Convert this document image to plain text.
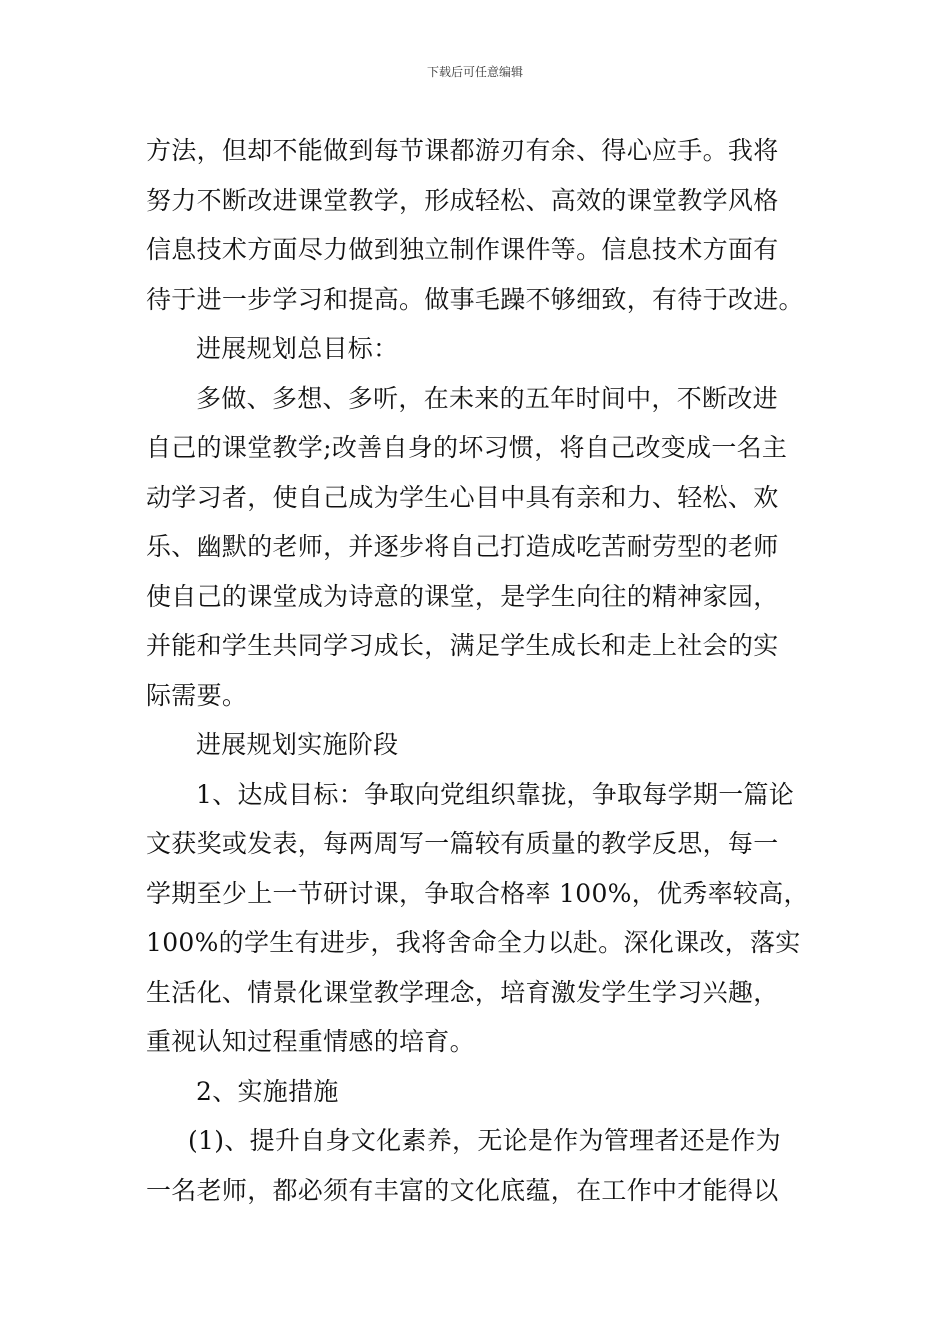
下载后可任意编辑
方法，但却不能做到每节课都游刃有余、得心应手。我将
努力不断改进课堂教学，形成轻松、高效的课堂教学风格
信息技术方面尽力做到独立制作课件等。信息技术方面有
待于进一步学习和提高。做事毛躁不够细致，有待于改进。
进展规划总目标：
多做、多想、多听，在未来的五年时间中，不断改进
自己的课堂教学;改善自身的坏习惯，将自己改变成一名主
动学习者，使自己成为学生心目中具有亲和力、轻松、欢
乐、幽默的老师，并逐步将自己打造成吃苦耐劳型的老师
使自己的课堂成为诗意的课堂，是学生向往的精神家园，
并能和学生共同学习成长，满足学生成长和走上社会的实
际需要。
进展规划实施阶段
1、达成目标：争取向党组织靠拢，争取每学期一篇论
文获奖或发表，每两周写一篇较有质量的教学反思，每一
学期至少上一节研讨课，争取合格率 100%，优秀率较高，
100%的学生有进步，我将舍命全力以赴。深化课改，落实
生活化、情景化课堂教学理念，培育激发学生学习兴趣，
重视认知过程重情感的培育。
2、实施措施
(1)、提升自身文化素养，无论是作为管理者还是作为
一名老师，都必须有丰富的文化底蕴，在工作中才能得以
